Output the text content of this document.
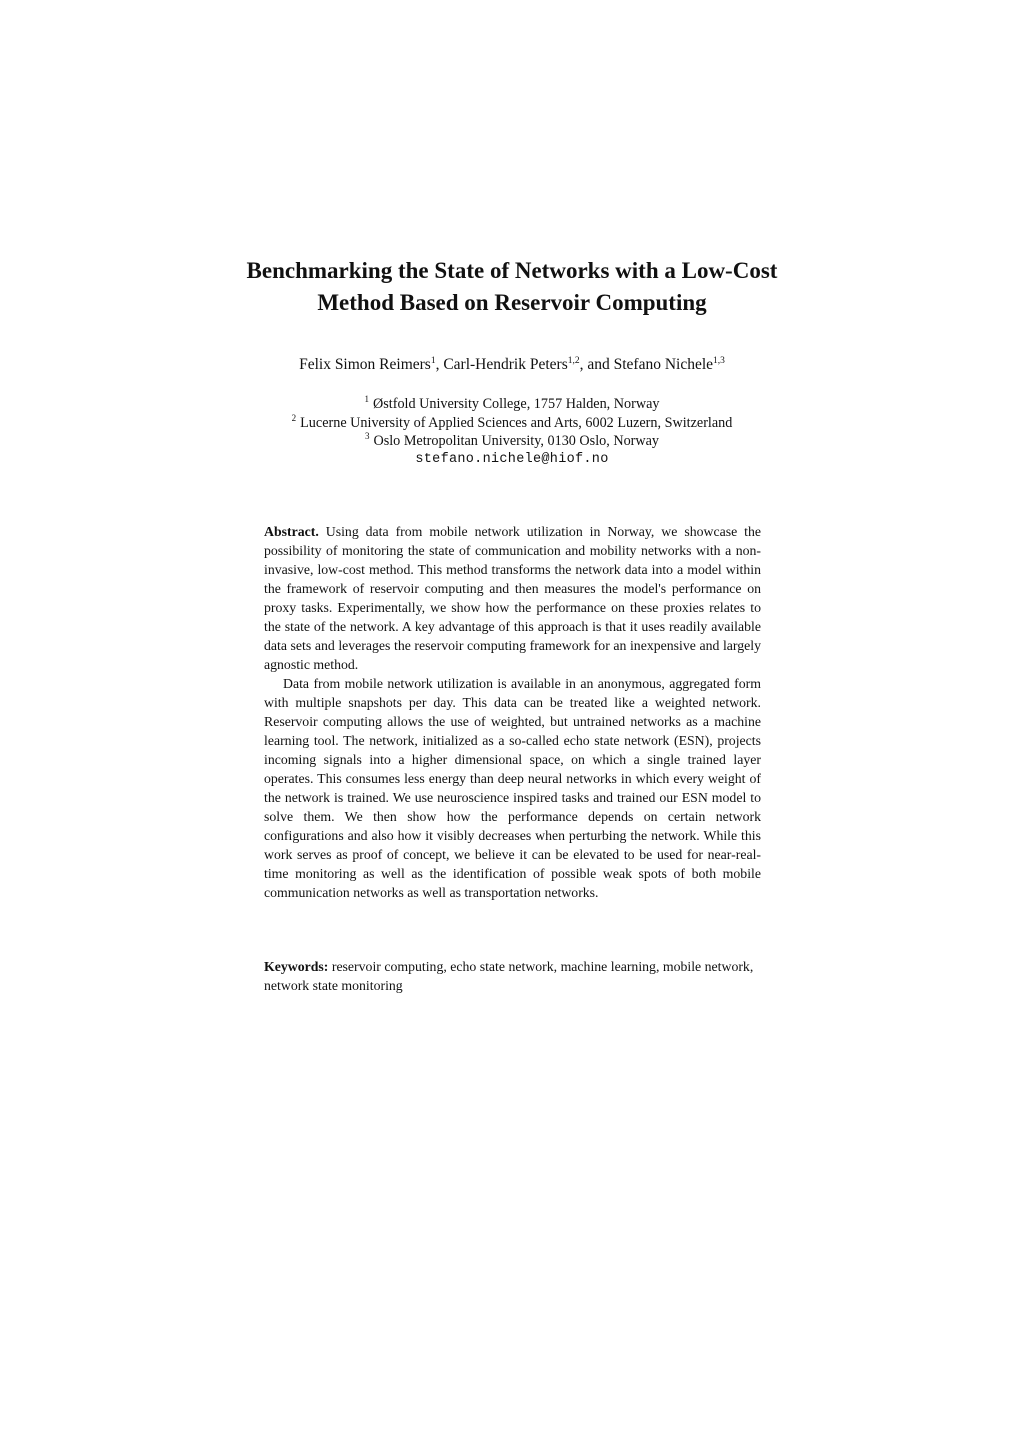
Benchmarking the State of Networks with a Low-Cost
Method Based on Reservoir Computing
Felix Simon Reimers$^1$, Carl-Hendrik Peters$^{1,2}$, and Stefano Nichele$^{1,3}$
$^1$ Østfold University College, 1757 Halden, Norway
$^2$ Lucerne University of Applied Sciences and Arts, 6002 Luzern, Switzerland
$^3$ Oslo Metropolitan University, 0130 Oslo, Norway
stefano.nichele@hiof.no

Abstract. Using data from mobile network utilization in Norway, we showcase the possibility of monitoring the state of communication and mobility networks with a non-invasive, low-cost method. This method transforms the network data into a model within the framework of reservoir computing and then measures the model's performance on proxy tasks. Experimentally, we show how the performance on these proxies relates to the state of the network. A key advantage of this approach is that it uses readily available data sets and leverages the reservoir computing framework for an inexpensive and largely agnostic method.

Data from mobile network utilization is available in an anonymous, aggregated form with multiple snapshots per day. This data can be treated like a weighted network. Reservoir computing allows the use of weighted, but untrained networks as a machine learning tool. The network, initialized as a so-called echo state network (ESN), projects incoming signals into a higher dimensional space, on which a single trained layer operates. This consumes less energy than deep neural networks in which every weight of the network is trained. We use neuroscience inspired tasks and trained our ESN model to solve them. We then show how the performance depends on certain network configurations and also how it visibly decreases when perturbing the network. While this work serves as proof of concept, we believe it can be elevated to be used for near-real-time monitoring as well as the identification of possible weak spots of both mobile communication networks as well as transportation networks.

Keywords: reservoir computing, echo state network, machine learning, mobile network, network state monitoring
